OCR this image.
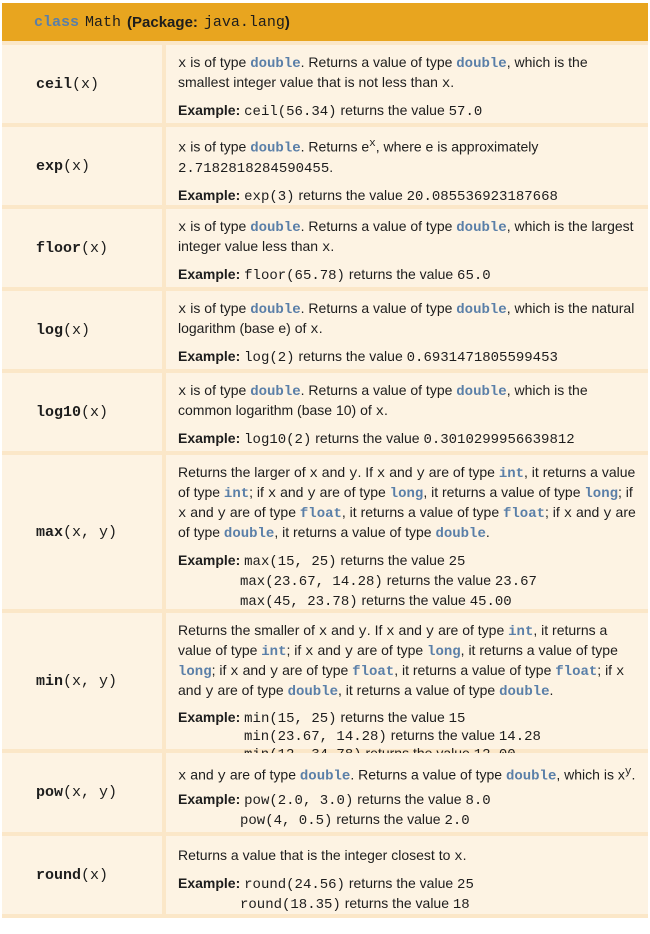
class Math (Package: java.lang )
ceil (x)

x is of type double. Returns a value of type double, which is the smallest integer value that is not less than x.

Example: ceil(56.34) returns the value 57.0

exp (x)

x is of type double. Returns $e^x$, where e is approximately 2.7182818284590455.

Example: exp(3) returns the value 20.085536923187668

floor (x)

x is of type double. Returns a value of type double, which is the largest integer value less than x.

Example: floor(65.78) returns the value 65.0

log (x)

x is of type double. Returns a value of type double, which is the natural logarithm (base e) of x.

Example: log(2) returns the value 0.6931471805599453

log10 (x)

x is of type double. Returns a value of type double, which is the common logarithm (base 10) of x.

Example: log10(2) returns the value 0.3010299956639812

max (x, y)

Returns the larger of x and y. If x and y are of type int, it returns a value of type int; if x and y are of type long, it returns a value of type long; if x and y are of type float, it returns a value of type float; if x and y are of type double, it returns a value of type double.

Example: max(15, 25) returns the value 25

max(23.67, 14.28) returns the value 23.67

max(45, 23.78) returns the value 45.00

min (x, y)

Returns the smaller of x and y. If x and y are of type int, it returns a value of type int; if x and y are of type long, it returns a value of type long; if x and y are of type float, it returns a value of type float; if x and y are of type double, it returns a value of type double.

Example: min(15, 25) returns the value 15

min(23.67, 14.28) returns the value 14.28

pow (x, y)

x and y are of type double. Returns a value of type double, which is $x^y$.

Example: pow(2.0, 3.0) returns the value 8.0

pow(4, 0.5) returns the value 2.0

round (x)

Returns a value that is the integer closest to x.

Example: round(24.56) returns the value 25

round(18.35) returns the value 18
